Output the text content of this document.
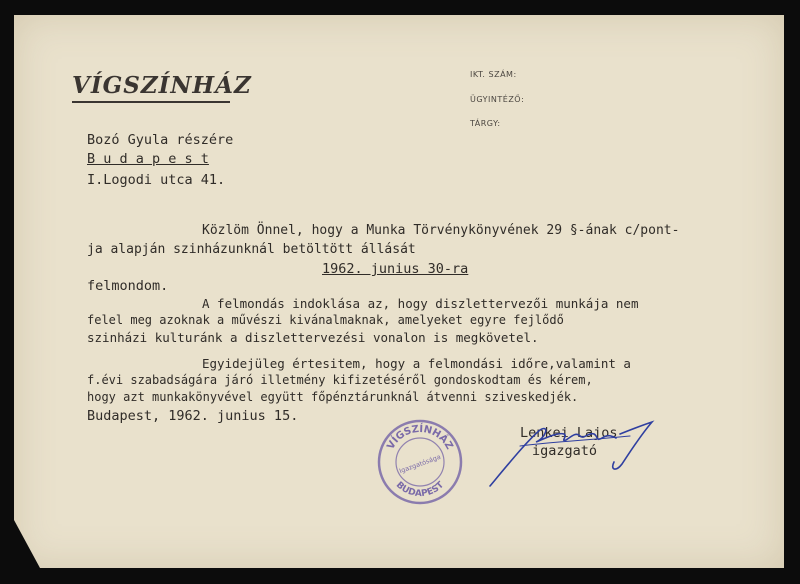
VÍGSZÍNHÁZ	IKT. SZÁM:
ÜGYINTÉZŐ:
TÁRGY:
Bozó Gyula részére
B u d a p e s t
I.Logodi utca 41.
Közlöm Önnel, hogy a Munka Törvénykönyvének 29 §-ának c/pont-
ja alapján szinházunknál betöltött állását
1962. junius 30-ra
felmondom.
A felmondás indoklása az, hogy diszlettervezői munkája nem
felel meg azoknak a művészi kivánalmaknak, amelyeket egyre fejlődő
szinházi kulturánk a diszlettervezési vonalon is megkövetel.
Egyidejüleg értesitem, hogy a felmondási időre,valamint a
f.évi szabadságára járó illetmény kifizetéséről gondoskodtam és kérem,
hogy azt munkakönyvével együtt főpénztárunknál átvenni sziveskedjék.
Budapest, 1962. junius 15.
Lenkei Lajos
igazgató
VÍGSZÍNHÁZ
Igazgatósága
BUDAPEST
